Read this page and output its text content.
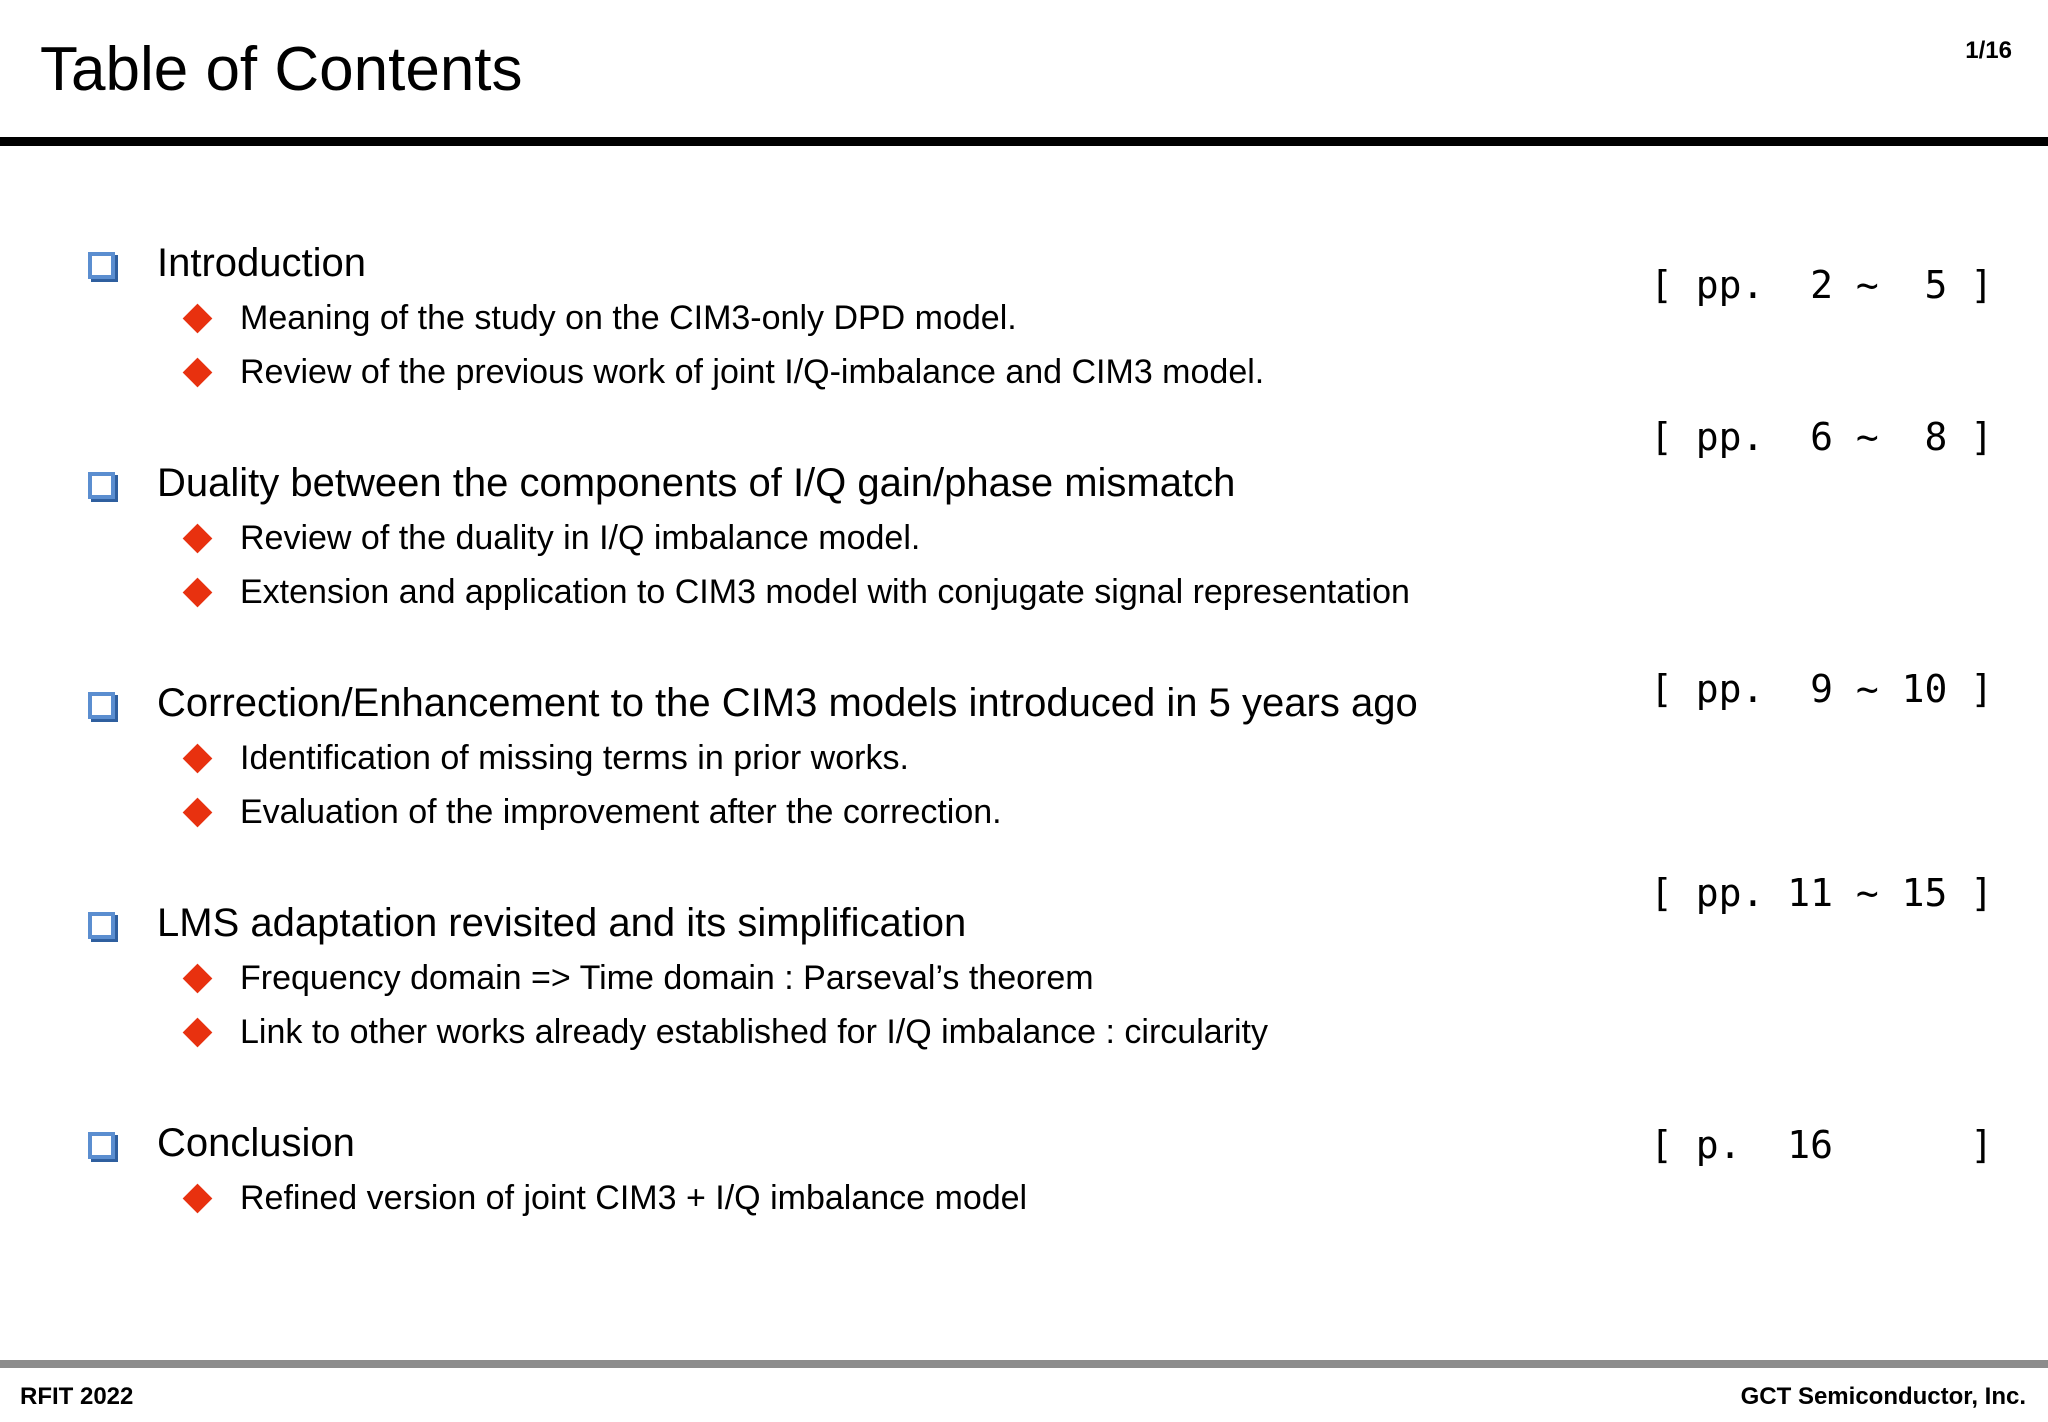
Table of Contents	1/16
Introduction
Meaning of the study on the CIM3-only DPD model.
Review of the previous work of joint I/Q-imbalance and CIM3 model.
[ pp.  2 ~  5 ]
Duality between the components of I/Q gain/phase mismatch
Review of the duality in I/Q imbalance model.
Extension and application to CIM3 model with conjugate signal representation
[ pp.  6 ~  8 ]
Correction/Enhancement to the CIM3 models introduced in 5 years ago
Identification of missing terms in prior works.
Evaluation of the improvement after the correction.
[ pp.  9 ~ 10 ]
LMS adaptation revisited and its simplification
Frequency domain => Time domain : Parseval’s theorem
Link to other works already established for I/Q imbalance : circularity
[ pp. 11 ~ 15 ]
Conclusion
Refined version of joint CIM3 + I/Q imbalance model
[ p.  16      ]
RFIT 2022	GCT Semiconductor, Inc.
